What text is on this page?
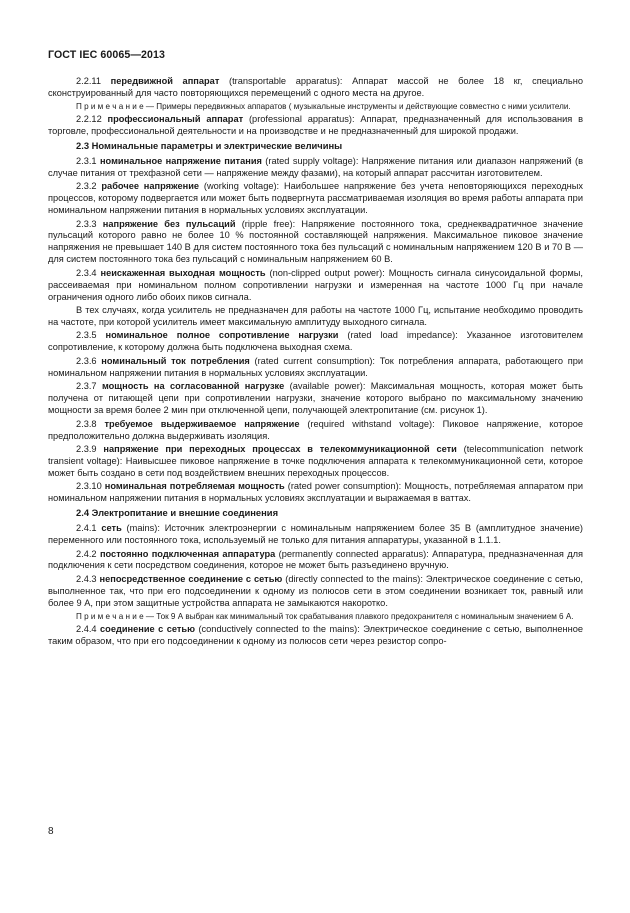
ГОСТ IEC 60065—2013

2.2.11 передвижной аппарат (transportable apparatus): Аппарат массой не более 18 кг, специально сконструированный для часто повторяющихся перемещений с одного места на другое.

П р и м е ч а н и е — Примеры передвижных аппаратов ( музыкальные инструменты и действующие совместно с ними усилители.

2.2.12 профессиональный аппарат (professional apparatus): Аппарат, предназначенный для использования в торговле, профессиональной деятельности и на производстве и не предназначенный для широкой продажи.

2.3 Номинальные параметры и электрические величины

2.3.1 номинальное напряжение питания (rated supply voltage): Напряжение питания или диапазон напряжений (в случае питания от трехфазной сети — напряжение между фазами), на который аппарат рассчитан изготовителем.

2.3.2 рабочее напряжение (working voltage): Наибольшее напряжение без учета неповторяющихся переходных процессов, которому подвергается или может быть подвергнута рассматриваемая изоляция во время работы аппарата при номинальном напряжении питания в нормальных условиях эксплуатации.

2.3.3 напряжение без пульсаций (ripple free): Напряжение постоянного тока, среднеквадратичное значение пульсаций которого равно не более 10 % постоянной составляющей напряжения. Максимальное пиковое значение напряжения не превышает 140 В для систем постоянного тока без пульсаций с номинальным напряжением 120 В и 70 В — для систем постоянного тока без пульсаций с номинальным напряжением 60 В.

2.3.4 неискаженная выходная мощность (non-clipped output power): Мощность сигнала синусоидальной формы, рассеиваемая при номинальном полном сопротивлении нагрузки и измеренная на частоте 1000 Гц при начале ограничения одного либо обоих пиков сигнала.

В тех случаях, когда усилитель не предназначен для работы на частоте 1000 Гц, испытание необходимо проводить на частоте, при которой усилитель имеет максимальную амплитуду выходного сигнала.

2.3.5 номинальное полное сопротивление нагрузки (rated load impedance): Указанное изготовителем сопротивление, к которому должна быть подключена выходная схема.

2.3.6 номинальный ток потребления (rated current consumption): Ток потребления аппарата, работающего при номинальном напряжении питания в нормальных условиях эксплуатации.

2.3.7 мощность на согласованной нагрузке (available power): Максимальная мощность, которая может быть получена от питающей цепи при сопротивлении нагрузки, значение которого выбрано по максимальному значению мощности за время более 2 мин при отключенной цепи, получающей электропитание (см. рисунок 1).

2.3.8 требуемое выдерживаемое напряжение (required withstand voltage): Пиковое напряжение, которое предположительно должна выдерживать изоляция.

2.3.9 напряжение при переходных процессах в телекоммуникационной сети (telecommunication network transient voltage): Наивысшее пиковое напряжение в точке подключения аппарата к телекоммуникационной сети, которое может быть создано в сети под воздействием внешних переходных процессов.

2.3.10 номинальная потребляемая мощность (rated power consumption): Мощность, потребляемая аппаратом при номинальном напряжении питания в нормальных условиях эксплуатации и выражаемая в ваттах.

2.4 Электропитание и внешние соединения

2.4.1 сеть (mains): Источник электроэнергии с номинальным напряжением более 35 В (амплитудное значение) переменного или постоянного тока, используемый не только для питания аппаратуры, указанной в 1.1.1.

2.4.2 постоянно подключенная аппаратура (permanently connected apparatus): Аппаратура, предназначенная для подключения к сети посредством соединения, которое не может быть разъединено вручную.

2.4.3 непосредственное соединение с сетью (directly connected to the mains): Электрическое соединение с сетью, выполненное так, что при его подсоединении к одному из полюсов сети в этом соединении возникает ток, равный или более 9 А, при этом защитные устройства аппарата не замыкаются накоротко.

П р и м е ч а н и е — Ток 9 А выбран как минимальный ток срабатывания плавкого предохранителя с номинальным значением 6 А.

2.4.4 соединение с сетью (conductively connected to the mains): Электрическое соединение с сетью, выполненное таким образом, что при его подсоединении к одному из полюсов сети через резистор сопро-

8
